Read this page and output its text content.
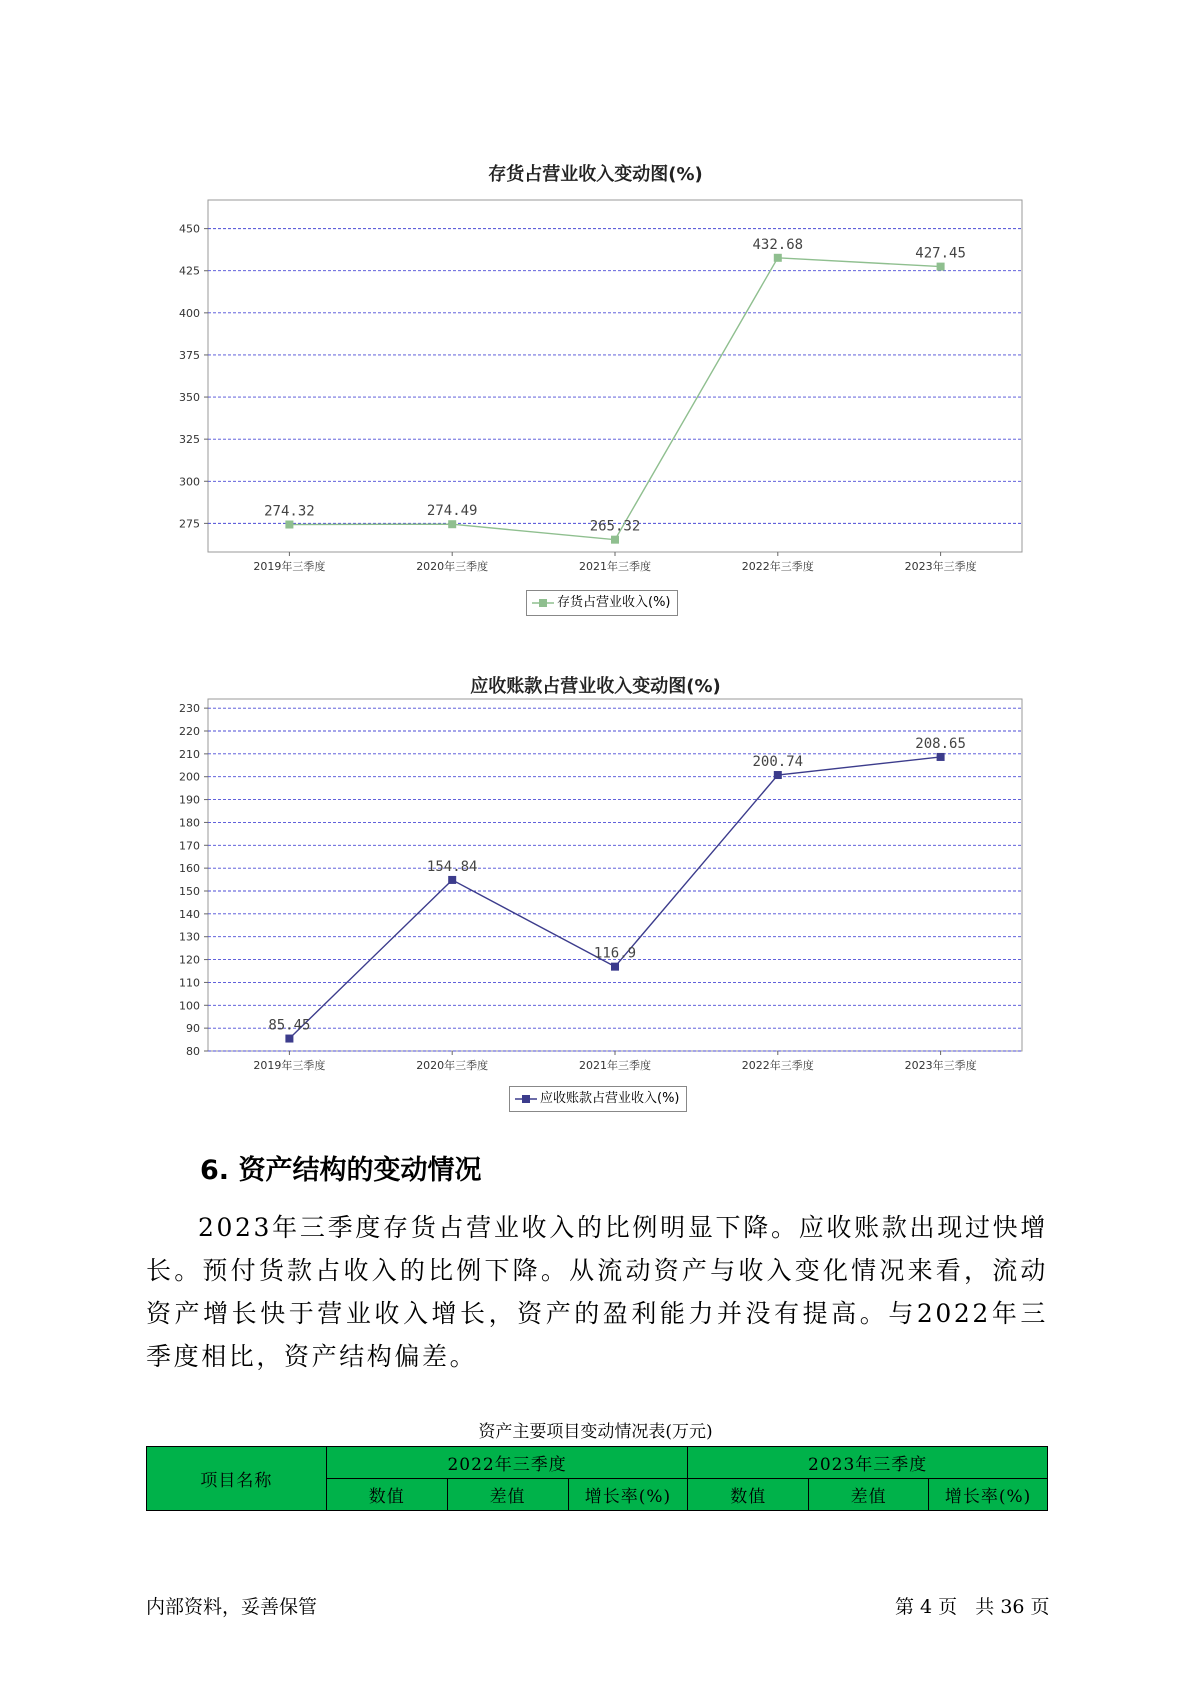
存货占营业收入变动图(%)
275
300
325
350
375
400
425
450
2019年三季度	2020年三季度	2021年三季度	2022年三季度	2023年三季度
274.32	274.49
265.32
432.68
427.45
存货占营业收入(%)
应收账款占营业收入变动图(%)
80
90
100
110
120
130
140
150
160
170
180
190
200
210
220
230
2019年三季度	2020年三季度	2021年三季度	2022年三季度	2023年三季度
85.45
154.84
116.9
200.74
208.65
应收账款占营业收入(%)
6. 资产结构的变动情况

2023年三季度存货占营业收入的比例明显下降。应收账款出现过快增长。预付货款占收入的比例下降。从流动资产与收入变化情况来看，流动资产增长快于营业收入增长，资产的盈利能力并没有提高。与2022年三季度相比，资产结构偏差。

资产主要项目变动情况表(万元)
项目名称	2022年三季度			2023年三季度		
	数值	差值	增长率(%)	数值	差值	增长率(%)
内部资料，妥善保管	第 4 页   共 36 页
